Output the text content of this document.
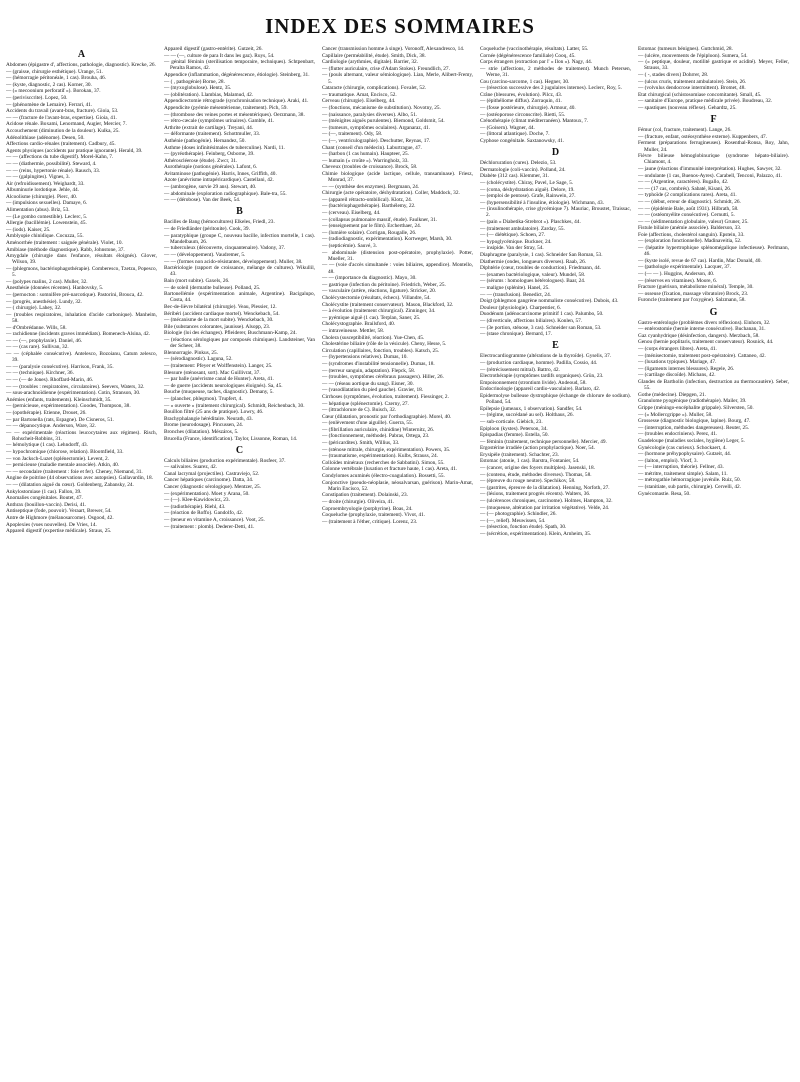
INDEX DES SOMMAIRES
A
Abdomen (épigastre d', affections, pathologie, diagnostic). Krecke, 26.
— (graisse, chirurgie esthétique). Urange, 51.
— (hémorragie péritonéale, 1 cas). Brouha, 46.
— (kyste, diagnostic, 2 cas). Korner, 30.
— (« mecoonium perforatif »). Borokan, 37.
— (perivisccrite). Lopez, 50.
— (phénomène de Lemaire). Ferrari, 41.
Accidents du travail (avant-bras, fracture). Gioia, 53.
— — (fracture de l'avant-bras, expertise). Gioia, 41.
Acidose rénale. Boxami, Lenormand, Augier, Mercier, 7.
Accouchement (diminution de la douleur). Kulka, 25.
Adénolithiase (adénome). Desen, 50.
Affections cardio-rénales (traitement). Cadbury, 45.
Agents physiques (accidents par pratique ignorante). Herald, 39.
— — (affections du tube digestif). Morel-Kahn, 7.
— — (diathermie, possibilité). Steward, 4.
— — (reins, hypertonie rénale). Rausch, 33.
— — (galpingites). Vignes, 3.
Air (refroidissement). Weighardt, 33.
Albuminurie lordotique. Jehle, 44.
Alcoolisme (chirurgie). Pierc, 40.
— (impulsions sexuelles). Damaye, 6.
Alimentation (abus). Briz, 53.
— (Le gombo comestible). Leclerc, 5.
Allergie (bacillémie). Lowenstein, 45.
— (iods). Kaiser, 25.
Amblyopie chinidique. Cocuzza, 55.
Aménorrhée (traitement : saignée générale). Violet, 10.
Amibiase (méthode diagnostique). Rabb, Johnstone, 37.
Amygdale (chirurgie dans l'enfance, résultats éloignés). Glover, Wilson, 39.
— (phlegmons, bactériophagothérapie). Comberesco, Tzetzu, Popesco, 5.
— (polypes malins, 2 cas). Muller, 32.
Anesthésie (données récentes). Hanbovsky, 5.
— (pernocton : somnifère pré-narcotique). Pastorini, Brouca, 42.
— (progrès, anesthésie). Lundy, 32.
— ( chirurgie). Lahey, 32.
— (troubles respiratoires, inhalation d'acide carbonique). Manheim, 58.
— d'Ombrédanne. Wills, 58.
— rachidienne (incidents graves immédiats). Bomenech-Alsina, 42.
— — (—, prophylaxie). Daniel, 46.
— — (cas rare). Sullivan, 32.
— — (céphalée consécutive). Antelesco, Bozoianu, Catum zelesco, 39.
— — (paralysie consécutive). Harrison, Frank, 35.
— — (technique). Kirchner, 36.
— — (— de Jones). Rhoffard-Marin, 46.
— — (troubles : respiratoires, circulatoires). Seevers, Waters, 32.
— sous-arachnoïdienne (expérimentation). Cotin, Stranson, 30.
Anémies (enfants, traitements). Kleinschmidt, 35.
— (pernicieuse, expérimentation). Goodes, Thompson, 38.
— (opothérapie). Etienne, Drouet, 26.
— par Bartonella (rats, Espagne). De Cisneros, 51.
— — dépanocytique. Anderson, Ware, 32.
— — expérimentale (réactions leucocytaires aux régimes). Risch, Rohscheit-Robbins, 31.
— hémolytique (1 cas). Lehndorff, 43.
— hypochromique (chlorose, relation). Bloomfield, 33.
— von Jacksch-Luzet (splénectomie). Levent, 2.
— pernicieuse (maladie mentale associée). Atkin, 40.
— — secondaire (traitement : foie et fer). Cheney, Niemand, 31.
Angine de poitrine (44 observations avec autopsies). Gallavardin, 18.
— — (dilatation aiguë du cœur). Goldenberg, Zabansky, 24.
Ankylostomiase (1 cas). Fallon, 39.
Anomalies congénitales. Boutet, 47.
Anthrax (bouillon-vaccin). Derisi, 41.
Antiseptique (fode, pouvoir). Veraart, Brewer, 54.
Antre de Highmore (mélanosarcome). Osgood, 42.
Apoplexies (vues nouvelles). De Vries, 14.
Appareil digestif (expertise médicale). Straus, 25.
Appareil digestif (gastro-entérite). Gutzeit, 26.
— — (—, culture de para It dans les gaz). Ruys, 54.
— génital féminin (sterilisation temporaire, techniques). Schtpenbart, Peralta Ramos, 42.
Appendice (inflammation, dégénérescence, étiologie). Steinberg, 31.
— ( , pathogénie) Borne, 28.
— (myxoglobulose). Hentz, 35.
— (oblitération). Llambias, Malamud, 42.
Appendicectomie rétrograde (synchronisation technique). Araki, 41.
Appendicite (pyémie mésentérienne, traitement). Pich, 59.
— (thrombose des veines portes et mésentériques). Oerzmann, 38.
— rétro-cæcale (symptômes urinaires). Gamble, 41.
Arthrite (extrait de cartilage). Treyani, 44.
— déformante (traitement). Schottmuller, 33.
Asthénie (pathogénie). Hernandez, 50.
Asthme (doses infinitésimales de tuberculine). Nardi, 11.
— (pyréothérapie). Feinberg, Osborne, 39.
Athéroscléerose (étude). Zwcr, 31.
Aurothérapie (notions générales). Lafont, 6.
Avitaminose (pathogénie). Harris, Innes, Griffith, 40.
Azote (anévrisme intrapéricardique). Castellani, 42.
— (ambrogène, survie 29 ans). Stewart, 40.
— abdominale (exploration radiographique). Bale-tra, 55.
— — (dérobose). Van der Beek, 54.
B
Bacilles de Bang (hémocultures) Elkeles, Friedl, 23.
— de Friedländer (péritonite). Cook, 39.
— paratyphique (groupe C, nouveau bacille, infection mortelle, 1 cas). Mandelbaum, 26.
— tuberculeux (découverte, cinquantenaire). Vadony, 37.
— — (développement). Vaudremer, 5.
— — (formes non acido-résistantes, développement). Muller, 38.
Bactériologie (rapport de croissance, mélange de cultures). Wikullil, 43.
Bain (mort subite). Gaxels, 26.
— de soleil (dermatite bulleuse). Polland, 25.
Bartonellémie (expérimentation animale, Argentine). Bacigalupo, Costa, 44.
Bec-de-lièvre bilatéral (chirurgie). Veau, Plessier, 12.
Béribéri (accident cardiaque mortel). Wenckebach, 54.
— (mécanisme de la mort subite). Wenckebach, 30.
Bile (substances colorantes, jaunisse). Alsopp, 23.
Biologie (loi des échanges). Pfleiderer, Buschmann-Kamp, 24.
— (réactions sérologiques par composés chimiques). Landsteiner, Van der Scheer, 38.
Blennorragie. Pinkus, 25.
— (sérodiagnostic). Laguna, 52.
— (traitement: Pfeyer et Wolffenstein). Langer, 25.
Blessure (sténosant, sort). Mac Guillivrat, 37.
— par balle (anévrisme canal de Hunter). Areta, 41.
— de guerre (accidents neurologiques éloignés). Sa, 45.
Bouche (muqueuse, taches, diagnostic). Demany, 5.
— (plancher, phlegmon). Trupfert, 4.
— « ouverte » (traitement chirurgical). Schmidt, Reichenbach, 30.
Bouillon filtré (25 ans de pratique). Lowry, 46.
Brachyphalangie héréditaire. Neurath, 43.
Brome (neurodosage). Pincussen, 24.
Bronches (dilatation). Mészáros, 5.
Brucella (France, identification). Taylor, Lissonne, Roman, 14.
C
Calculs biliaires (production expérimentale). Rosfeer, 37.
— salivaires. Suarez, 42.
Canal lacrymal (projectiles). Castraviejo, 52.
Cancer hépatiques (carcinome). Datta, 34.
Cancer (diagnostic sérologique). Mentzer, 25.
— (expérimentation). Moet y Arana, 50.
— (—). Klee-Kawidowicz, 23.
— (radiothérapie). Riehl, 43.
— (réaction de Roffo). Gandolfo, 42.
— (teneur en vitamine A, croissance). Voot, 25.
— (traitement : plomb). Dederer-Detti, 41.
Cancer (transmission homme à singe). Voronoff, Alexandresco, 14.
Capillaire (perméabilité, étude). Smith, Dick, 38.
Cardiologie (arythmies, digitale). Barrier, 32.
— (flutter auriculaire, crise d'Adam Stokes). Freundlich, 27.
— (pouls alternant, valeur sémiologique). Lian, Merle, Alibert-Fremy, 5.
Cataracte (chirurgie, complications). Fovalet, 52.
— traumatique. Amat, Encisco, 52.
Cerveau (chirurgie). Eiselberg, 44.
— (fonctions, mécanisme de substitution). Novotny, 25.
— (naissance, paralysies diverses). Albo, 51.
— (ménigites aiguës purulentes). Biemond, Goldsmit, 54.
— (tumeurs, symptômes oculaires). Arganaraz, 41.
— (—, traitement). Ody, 58.
— (—, ventriculographie). Deschutter, Reynas, 17.
Chant (conseil d'un médecin). Laburtrague, 47.
— (harbon (1 cas humain). Haupteer, 25.
— humain (« croûte »). Warringholz, 33.
Cheveux (troubles de croissance). Brock, 58.
Chimie biologique (acide lactique, cellule, transaminase). Friesz, Monrad, 37.
— — (synthèse des enzymes). Bergmann, 24.
Chirurgie (acte opératoire, déshydratation). Coller, Maddock, 32.
— (appareil rétracto-ombilical). Klotz, 24.
— (bactériophagothérapie). Barthélemy, 22.
— (cerveau). Eiselberg, 44.
— (collapsus pulmonaire massif, étude). Faulkner, 31.
— (enseignement par le film). Ercherthaer, 24.
— (lumière solaire). Corrigan, Rougalle, 26.
— (radiodiagnostic, expérimentation). Kortweger, Marsh, 30.
— (septicémie). Sauvé, 3.
— abdominale (distension post-opératoire, prophylaxie). Potter, Mueller, 31.
— — (voie d'accès simultanée : voies biliaires, appendice). Montello, 48.
— — (importance du diagnostic). Mayo, 30.
— gastrique (infection du péritoine). Friedrich, Weber, 25.
— vasculaire (artère, réactions, ligature). Stricker, 20.
Cholécystectomie (résultats, échecs). Villandre, 54.
Cholécystite (traitement conservateur). Mason, Blackford, 32.
— à évolution (traitement chirurgical). Zinninger, 34.
— pyémique aiguë (1 cas). Terplan, Saner, 25.
Cholécystographie. Brailsford, 40.
— intraveineuse. Mettler, 58.
Cholera (susceptibilité, réaction). Yue-Chen, 45.
Cholestérine biliaire (rôle de la vésicule). Cheny, Hesse, 5.
Circulation (capillaires, fonction, troubles). Katsch, 25.
— (hypertensions relatives). Dumas, 10.
— (syndromes d'instabilité tensionnelle). Dumas, 18.
— (terreur sanguin, adaptation). Flepck, 58.
— (troubles, symptômes cérébraux passagers). Hiller, 26.
— — (réseau aortique du sang). Eisner, 30.
— (vasodilatation du pied gauche). Gravier, 18.
Cirrhoses (symptômes, évolution, traitement). Fiessinger, 2.
— hépatique (splénectomie). Czerny, 27.
— (ittrachlorure de C). Buisch, 32.
Cœur (dilatation, pronostic par l'orthodiagraphie). Morel, 40.
— (enlèvement d'une aiguille). Guerra, 55.
— (fibrillation auriculaire, chinidine) Winternitz, 26.
— (fonctionnement, méthode). Pabras, Ortega, 23.
— (péricardites). Smith, Willius, 33.
— (sténose mitrale, chirurgie, expérimentation). Powers, 35.
— (traumatisme, expérimentation). Kulbs, Strauss, 24.
Colloïdes minéraux (recherches de Sabbatini). Simon, 55.
Colonne vertébrale (luxation et fracture haute, 1 cas). Areta, 41.
Condylomes acuminés (électro-coagulation). Bossetti, 55.
Conjonctive (pseudo-néoplasie, néosalvarsan, guérison). Marin-Amat, Marin Encisco, 52.
Constipation (traitement). Dolainski, 23.
— droite (chirurgie). Oliveira, 41.
Coproembryologie (porphyrine). Boas, 24.
Coqueluche (prophylaxie, traitement). Vivot, 41.
— (traitement à l'éther, critique). Lorenz, 23.
Coqueluche (vaccinothérapie, résultats). Latter, 55.
Cornée (dégénérescence familiale) Cooq, 45.
Corps étrangers (extraction par l' « Ilon »). Nagy, 44.
— strie (affections, 2 méthodes de traitement). Munch Petersen, Werne, 31.
Cou (carcino-sarcome, 1 cas). Hegner, 30.
— (résection successive des 2 jugulaires internes). Leclerc, Roy, 5.
Crâne (blessures, évolution). Pilcz, 43.
— (épithéliome diffus). Zorraquin, 41.
— (fosse postérieure, chirurgie). Armour, 40.
— (ostéoporose circonscrite). Rietti, 55.
Crénothérapie (climat méditerranéen). Mantoux, 7.
— (Goisern). Wagner, 44.
— (littoral atlantique). Doche, 7.
Cyphose congénitale. Saxtanowsky, 41.
D
Déchloruration (cures). Delezio, 53.
Dermatologie (coli-vaccin). Polland, 24.
Diabète (312 cas). Klemmer, 31.
— (cholécystite). Chiray, Pavel, Le Sage, 5.
— (coma, déshydratation aiguë). Delore, 19.
— (emploi de pentose). Grafe, Rainwein, 27.
— (hypersensibilité à l'insuline, étiologie). Wichmann, 43.
— (insulinothérapie, crise glycémique 7). Mauriac, Broustet, Traissac, 2.
— (pain « Diabetika-Strebrot »). Plaschkes, 44.
— (traitement ambulatoire). Zarday, 55.
— (— diététique). Schoen, 27.
— hypoglycémique. Buckner, 24.
— insipide. Van der Stray, 54.
Diaphragme (paralysie, 1 cas). Schneider San Roman, 53.
Diathermie (ondes, longueurs diverses). Raab, 26.
Diphtérie (cœur, troubles de conduction). Friedmann, 44.
— (examen bactériologique, valeur). Mundel, 58.
— (sérums : homologues hétérologues). Baar, 24.
— maligne (splénite). Hanel, 25.
— — (transfusion). Benedict, 24.
Doigt (phlegmon gangrène nommaliste consécutive). Dubois, 43.
Douleur (physiologie). Charpentier, 6.
Duodénum (adénocarcinome primitif 1 cas). Palumbo, 50.
— (diverticule, affections biliaires). Konlen, 57.
— (3e portion, sténose, 3 cas). Schneider san Roman, 53.
— (stase chronique). Bernard, 17.
E
Electrocardiogramme (altérations de la thyroïde). Gyselis, 37.
— (production cardiaque, homme). Padilla, Cossio, 44.
— (rétrécissement mitral). Battro, 42.
Electrothérapie (symptômes tardifs organiques). Grün, 23.
Empoisonnement (strontium livide). Andeoud, 58.
Endocrinologie (appareil cardio-vasculaire). Barlaro, 42.
Epidermolyse bulleuse dystrophique (échange de chlorure de sodium). Polland, 54.
Epilepsie (jumeaux, 1 observation). Sandfer, 54.
— (régime, succédané au sel). Holthaus, 26.
— sub-corticale. Giebich, 23.
Epiploon (kystes). Peterson, 34.
Epispadias (femme). Estella, 50.
— féminin (traitement, technique personnelle). Mercier, 49.
Ergostérine irradiée (action prophylactique). Noer, 54.
Erysipèle (traitement). Schachter, 23.
Estomac (atonie, 1 cas). Barstra, Fontanier, 54.
— (cancer, origine des foyers multiples). Jasenski, 18.
— (contenu, étude, méthodes diverses). Thomas, 58.
— (épreuve du rouge neutre). Spechikov, 58.
— (gastrites, épreuve de la dilatation). Henning, Norfoth, 27.
— (lésions, traitement progrès récents). Walters, 36.
— (ulcérences chroniques, carcinome). Holmes, Hampton, 32.
— (muqueuse, altération par irritation végétative). Velde, 24.
— (— photographie). Schindler, 26.
— (—, relief). Meuwissen, 54.
— (résection, fonction étude). Spath, 30.
— (sécrétion, expérimentation). Klein, Arnheim, 35.
Estomac (tumeurs bénignes). Guttchmid, 28.
— (ulcère, mouvements de l'épiploon). Sumera, 54.
— (« peptique, douleur, motilité gastrique et acidité). Meyer, Feller, Strauss, 33.
— ( -, stades divers) Dohrrer, 28.
— (ulcus cruris, traitement ambulatoire). Stein, 26.
— (volvulus dendocrose intermittent). Bromet, 48.
Etat chirurgical (schistosomiase concomitante). Small, 45.
— sanitaire d'Europe, pratique médicale privée). Boudreau, 32.
— spastiques (nouveau réflexe). Gehardtz, 25.
F
Fémur (col, fracture, traitement). Lange, 26.
— (fracture, enfant, ostéosynthèse externe). Kuppenbers, 47.
Ferment (préparations ferrugineuses). Rosenthal-Ronsa, Roy, Jahn, Muller, 24.
Fièvre bilieuse hémoglobinurique (syndrome hépato-biliaire). Chiamont, 4.
— jaune (réactions d'immunité interprétation). Hughes, Sawyer, 32.
— ondulante (1 cas, Buenos-Ayres). Carabell, Tenconi, Palazzo, 41.
— — (Argentine, caractères). Bugallo, 42.
— — (17 cas, combrés). Sabaté, Kisani, 26.
— typhoïde (2 complications rares). Areta, 41.
— — (début, erreur de diagnostic). Schmidt, 26.
— — (épidémie Bale, août 1931). Hilbrath, 58.
— — (ostéomyélite consécutive). Cernutti, 5.
— — (sédimentation globulaire, valeur) Gruner, 25.
Fistule biliaire (anémie associée). Balderson, 33.
Foie (affections, cholestérol sanguin). Epstein, 33.
— (exploration fonctionnelle). Madinaveitia, 52.
— (hépatite hypertrophique splénomégalique infectieuse). Perlmann, 46.
— (kyste isolé, revue de 67 cas). Hardin, Mac Donald, 40.
— (pathologie expérimentale). Lacquer, 37.
— (— — ). Huggins, Anderson, 40.
— (réserves en vitamines). Moore, 6.
Fracture (guérison, métabolisme minéral). Temple, 30.
— osseuse (fixation, massage vibratoire) Brock, 23.
Furoncle (traitement par l'oxygène). Salzmann, 58.
G
Gastro-entérologie (problèmes divers réflexions). Einhorn, 32.
— entérostomie (hernie interne consécutive). Buchanan, 31.
Gaz cyanhydrique (désinfection, dangers). Merzbach, 58.
Genou (hernie poplitaris, traitement conservateur). Rosnick, 44.
— (corps étrangers libres). Areta, 41.
— (ménisectomie, traitement post-opératoire). Cattaneo, 42.
— (luxations typiques). Mariage, 47.
— (ligaments internes blessures). Regele, 26.
— (cartilage discoïde). Michans, 42.
Glandes de Bartholin (infection, destruction au thermocautère). Seber, 55.
Gothe (médecine). Diepgen, 21.
Granulome pyogénique (radiothérapie). Mailer, 39.
Grippe (méningo-encéphalite grippale). Silversten, 50.
— (« Mollercgrippe »). Muller, 58.
Grossesse (diagnostic biologique, lapine). Bourg, 47.
— (interruption, méthodes dangereuses). Reuter, 25.
— (troubles endocriniens). Perez, 41.
Guadeloupe (maladies sociales, hygiène) Leger, 5.
Gynécologie (cas curieux). Schockaert, 4.
— (hormone préhypophysaire). Gutzeit, 44.
— (laiton, emploi). Viorf, 3.
— (— interruption, théorie). Fellner, 43.
— métritre, traitement simple). Salam, 11.
— métrogathie hémorragique juvénile. Ruiz, 50.
— (stanitiate, sub partis, chirurgie). Cervelli, 42.
Gynécomastie. Resa, 50.
